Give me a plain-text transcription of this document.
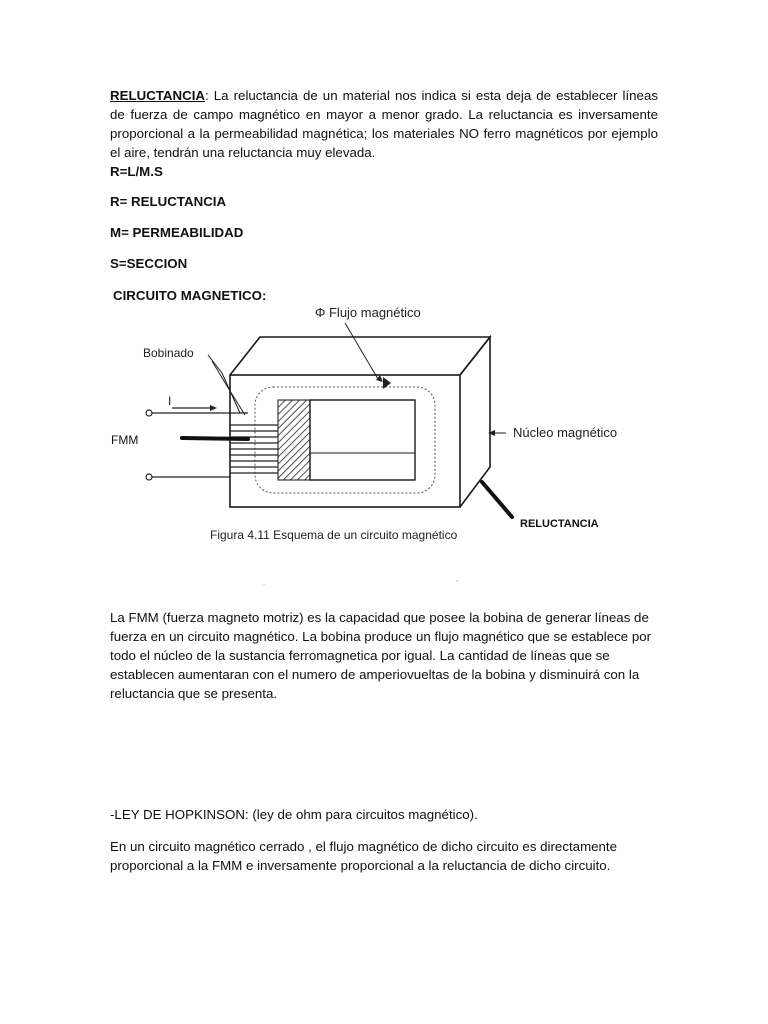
RELUCTANCIA: La reluctancia de un material nos indica si esta deja de establecer líneas de fuerza de campo magnético en mayor a menor grado. La reluctancia es inversamente proporcional a la permeabilidad magnética; los materiales NO ferro magnéticos por ejemplo el aire, tendrán una reluctancia muy elevada.

R=L/M.S

R= RELUCTANCIA

M= PERMEABILIDAD

S=SECCION

CIRCUITO MAGNETICO:

I
Bobinado
Φ Flujo magnético
FMM	Núcleo magnético
RELUCTANCIA
Figura 4.11 Esquema de un circuito magnético

La FMM (fuerza magneto motriz) es la capacidad que posee la bobina de generar líneas de fuerza en un circuito magnético. La bobina produce un flujo magnético que se establece por todo el núcleo de la sustancia ferromagnetica por igual. La cantidad de líneas que se establecen aumentaran con el numero de amperiovueltas de la bobina y disminuirá con la reluctancia que se presenta.

-LEY DE HOPKINSON: (ley de ohm para circuitos magnético).

En un circuito magnético cerrado , el flujo magnético de dicho circuito es directamente proporcional a la FMM e inversamente proporcional a la reluctancia de dicho circuito.
